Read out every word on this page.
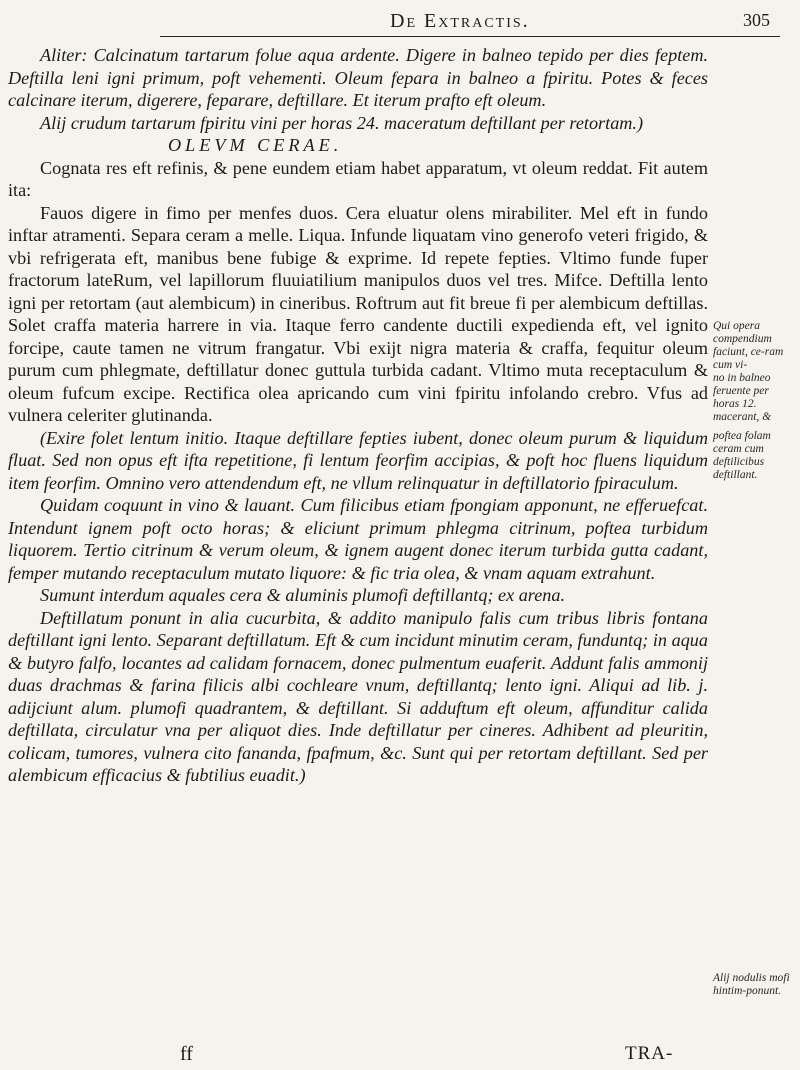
De Extractis.	305

Aliter: Calcinatum tartarum folue aqua ardente. Digere in balneo tepido per dies feptem. Deftilla leni igni primum, poft vehementi. Oleum fepara in balneo a fpiritu. Potes & feces calcinare iterum, digerere, feparare, deftillare. Et iterum prafto eft oleum.

Alij crudum tartarum fpiritu vini per horas 24. maceratum deftillant per retortam.)

OLEVM CERAE.

Cognata res eft refinis, & pene eundem etiam habet apparatum, vt oleum reddat. Fit autem ita:

Fauos digere in fimo per menfes duos. Cera eluatur olens mirabiliter. Mel eft in fundo inftar atramenti. Separa ceram a melle. Liqua. Infunde liquatam vino generofo veteri frigido, & vbi refrigerata eft, manibus bene fubige & exprime. Id repete fepties. Vltimo funde fuper fractorum lateRum, vel lapillorum fluuiatilium manipulos duos vel tres. Mifce. Deftilla lento igni per retortam (aut alembicum) in cineribus. Roftrum aut fit breue fi per alembicum deftillas. Solet craffa materia harrere in via. Itaque ferro candente ductili expedienda eft, vel ignito forcipe, caute tamen ne vitrum frangatur. Vbi exijt nigra materia & craffa, fequitur oleum purum cum phlegmate, deftillatur donec guttula turbida cadant. Vltimo muta receptaculum & oleum fufcum excipe. Rectifica olea apricando cum vini fpiritu infolando crebro. Vfus ad vulnera celeriter glutinanda.

(Exire folet lentum initio. Itaque deftillare fepties iubent, donec oleum purum & liquidum fluat. Sed non opus eft ifta repetitione, fi lentum feorfim accipias, & poft hoc fluens liquidum item feorfim. Omnino vero attendendum eft, ne vllum relinquatur in deftillatorio fpiraculum.

Quidam coquunt in vino & lauant. Cum filicibus etiam fpongiam apponunt, ne efferuefcat. Intendunt ignem poft octo horas; & eliciunt primum phlegma citrinum, poftea turbidum liquorem. Tertio citrinum & verum oleum, & ignem augent donec iterum turbida gutta cadant, femper mutando receptaculum mutato liquore: & fic tria olea, & vnam aquam extrahunt.

Sumunt interdum aquales cera & aluminis plumofi deftillantq; ex arena.

Deftillatum ponunt in alia cucurbita, & addito manipulo falis cum tribus libris fontana deftillant igni lento. Separant deftillatum. Eft & cum incidunt minutim ceram, funduntq; in aqua & butyro falfo, locantes ad calidam fornacem, donec pulmentum euaferit. Addunt falis ammonij duas drachmas & farina filicis albi cochleare vnum, deftillantq; lento igni. Aliqui ad lib. j. adijciunt alum. plumofi quadrantem, & deftillant. Si adduftum eft oleum, affunditur calida deftillata, circulatur vna per aliquot dies. Inde deftillatur per cineres. Adhibent ad pleuritin, colicam, tumores, vulnera cito fananda, fpafmum, &c. Sunt qui per retortam deftillant. Sed per alembicum efficacius & fubtilius euadit.)

Qui opera compendium faciunt, ce-ram cum vi-
no in balneo feruente per horas 12. macerant, &
poftea folam ceram cum deftilicibus deftillant.
Alij nodulis mofi hintim-ponunt.
ff	TRA-
